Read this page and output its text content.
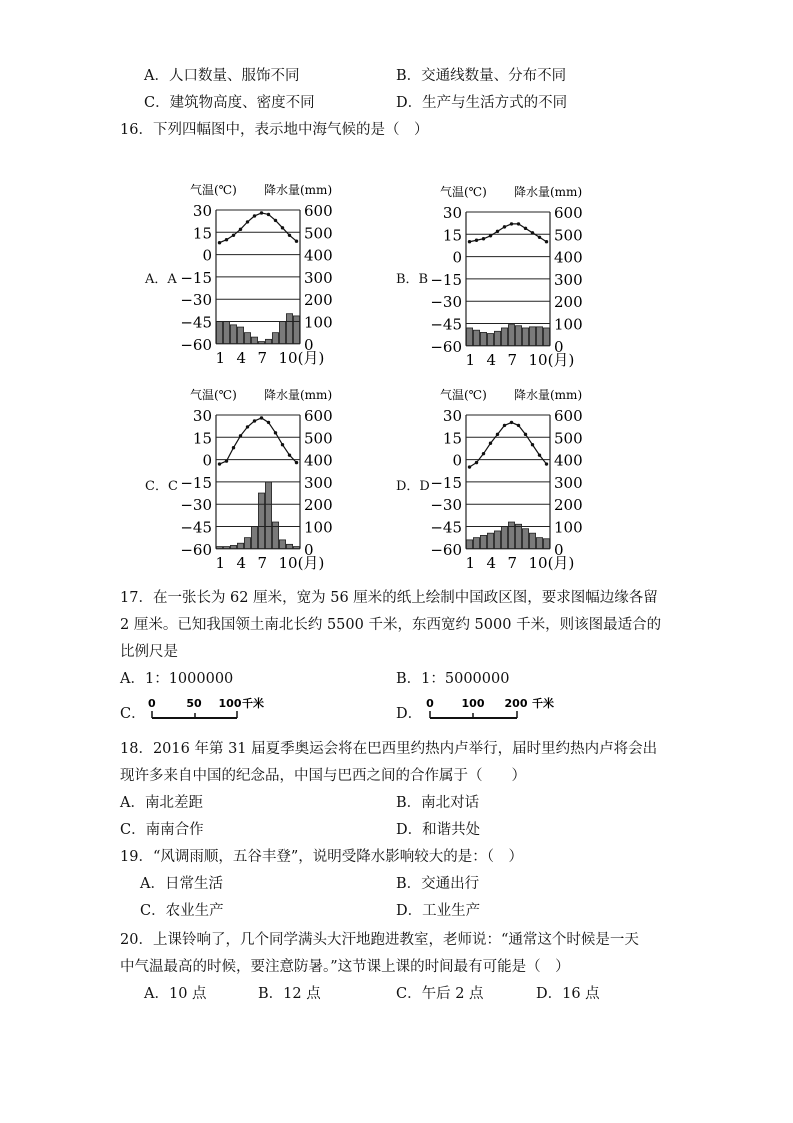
A．人口数量、服饰不同	B．交通线数量、分布不同
C．建筑物高度、密度不同	D．生产与生活方式的不同
16．下列四幅图中，表示地中海气候的是（　）
A．A	B．B
C．C	D．D
气温(℃) 降水量(mm)
30
15
0
−15
−30
−45
−60
600
500
400
300
200
100
0
1 4 7 10(月)
气温(℃) 降水量(mm)
30
15
0
−15
−30
−45
−60
600
500
400
300
200
100
0
1 4 7 10(月)
气温(℃) 降水量(mm)
30
15
0
−15
−30
−45
−60
600
500
400
300
200
100
0
1 4 7 10(月)
气温(℃) 降水量(mm)
30
15
0
−15
−30
−45
−60
600
500
400
300
200
100
0
1 4 7 10(月)
17．在一张长为 62 厘米，宽为 56 厘米的纸上绘制中国政区图，要求图幅边缘各留
2 厘米。已知我国领土南北长约 5500 千米，东西宽约 5000 千米，则该图最适合的
比例尺是
A．1：1000000	B．1：5000000
C．
0	50 100 千米
D．
0	100 200 千米
18．2016 年第 31 届夏季奥运会将在巴西里约热内卢举行，届时里约热内卢将会出
现许多来自中国的纪念品，中国与巴西之间的合作属于（　　）
A．南北差距	B．南北对话
C．南南合作	D．和谐共处
19．“风调雨顺，五谷丰登”，说明受降水影响较大的是：（　）
A．日常生活	B．交通出行
C．农业生产	D．工业生产
20．上课铃响了，几个同学满头大汗地跑进教室，老师说：“通常这个时候是一天
中气温最高的时候，要注意防暑。”这节课上课的时间最有可能是（　）
A．10 点	B．12 点	C．午后 2 点	D．16 点
